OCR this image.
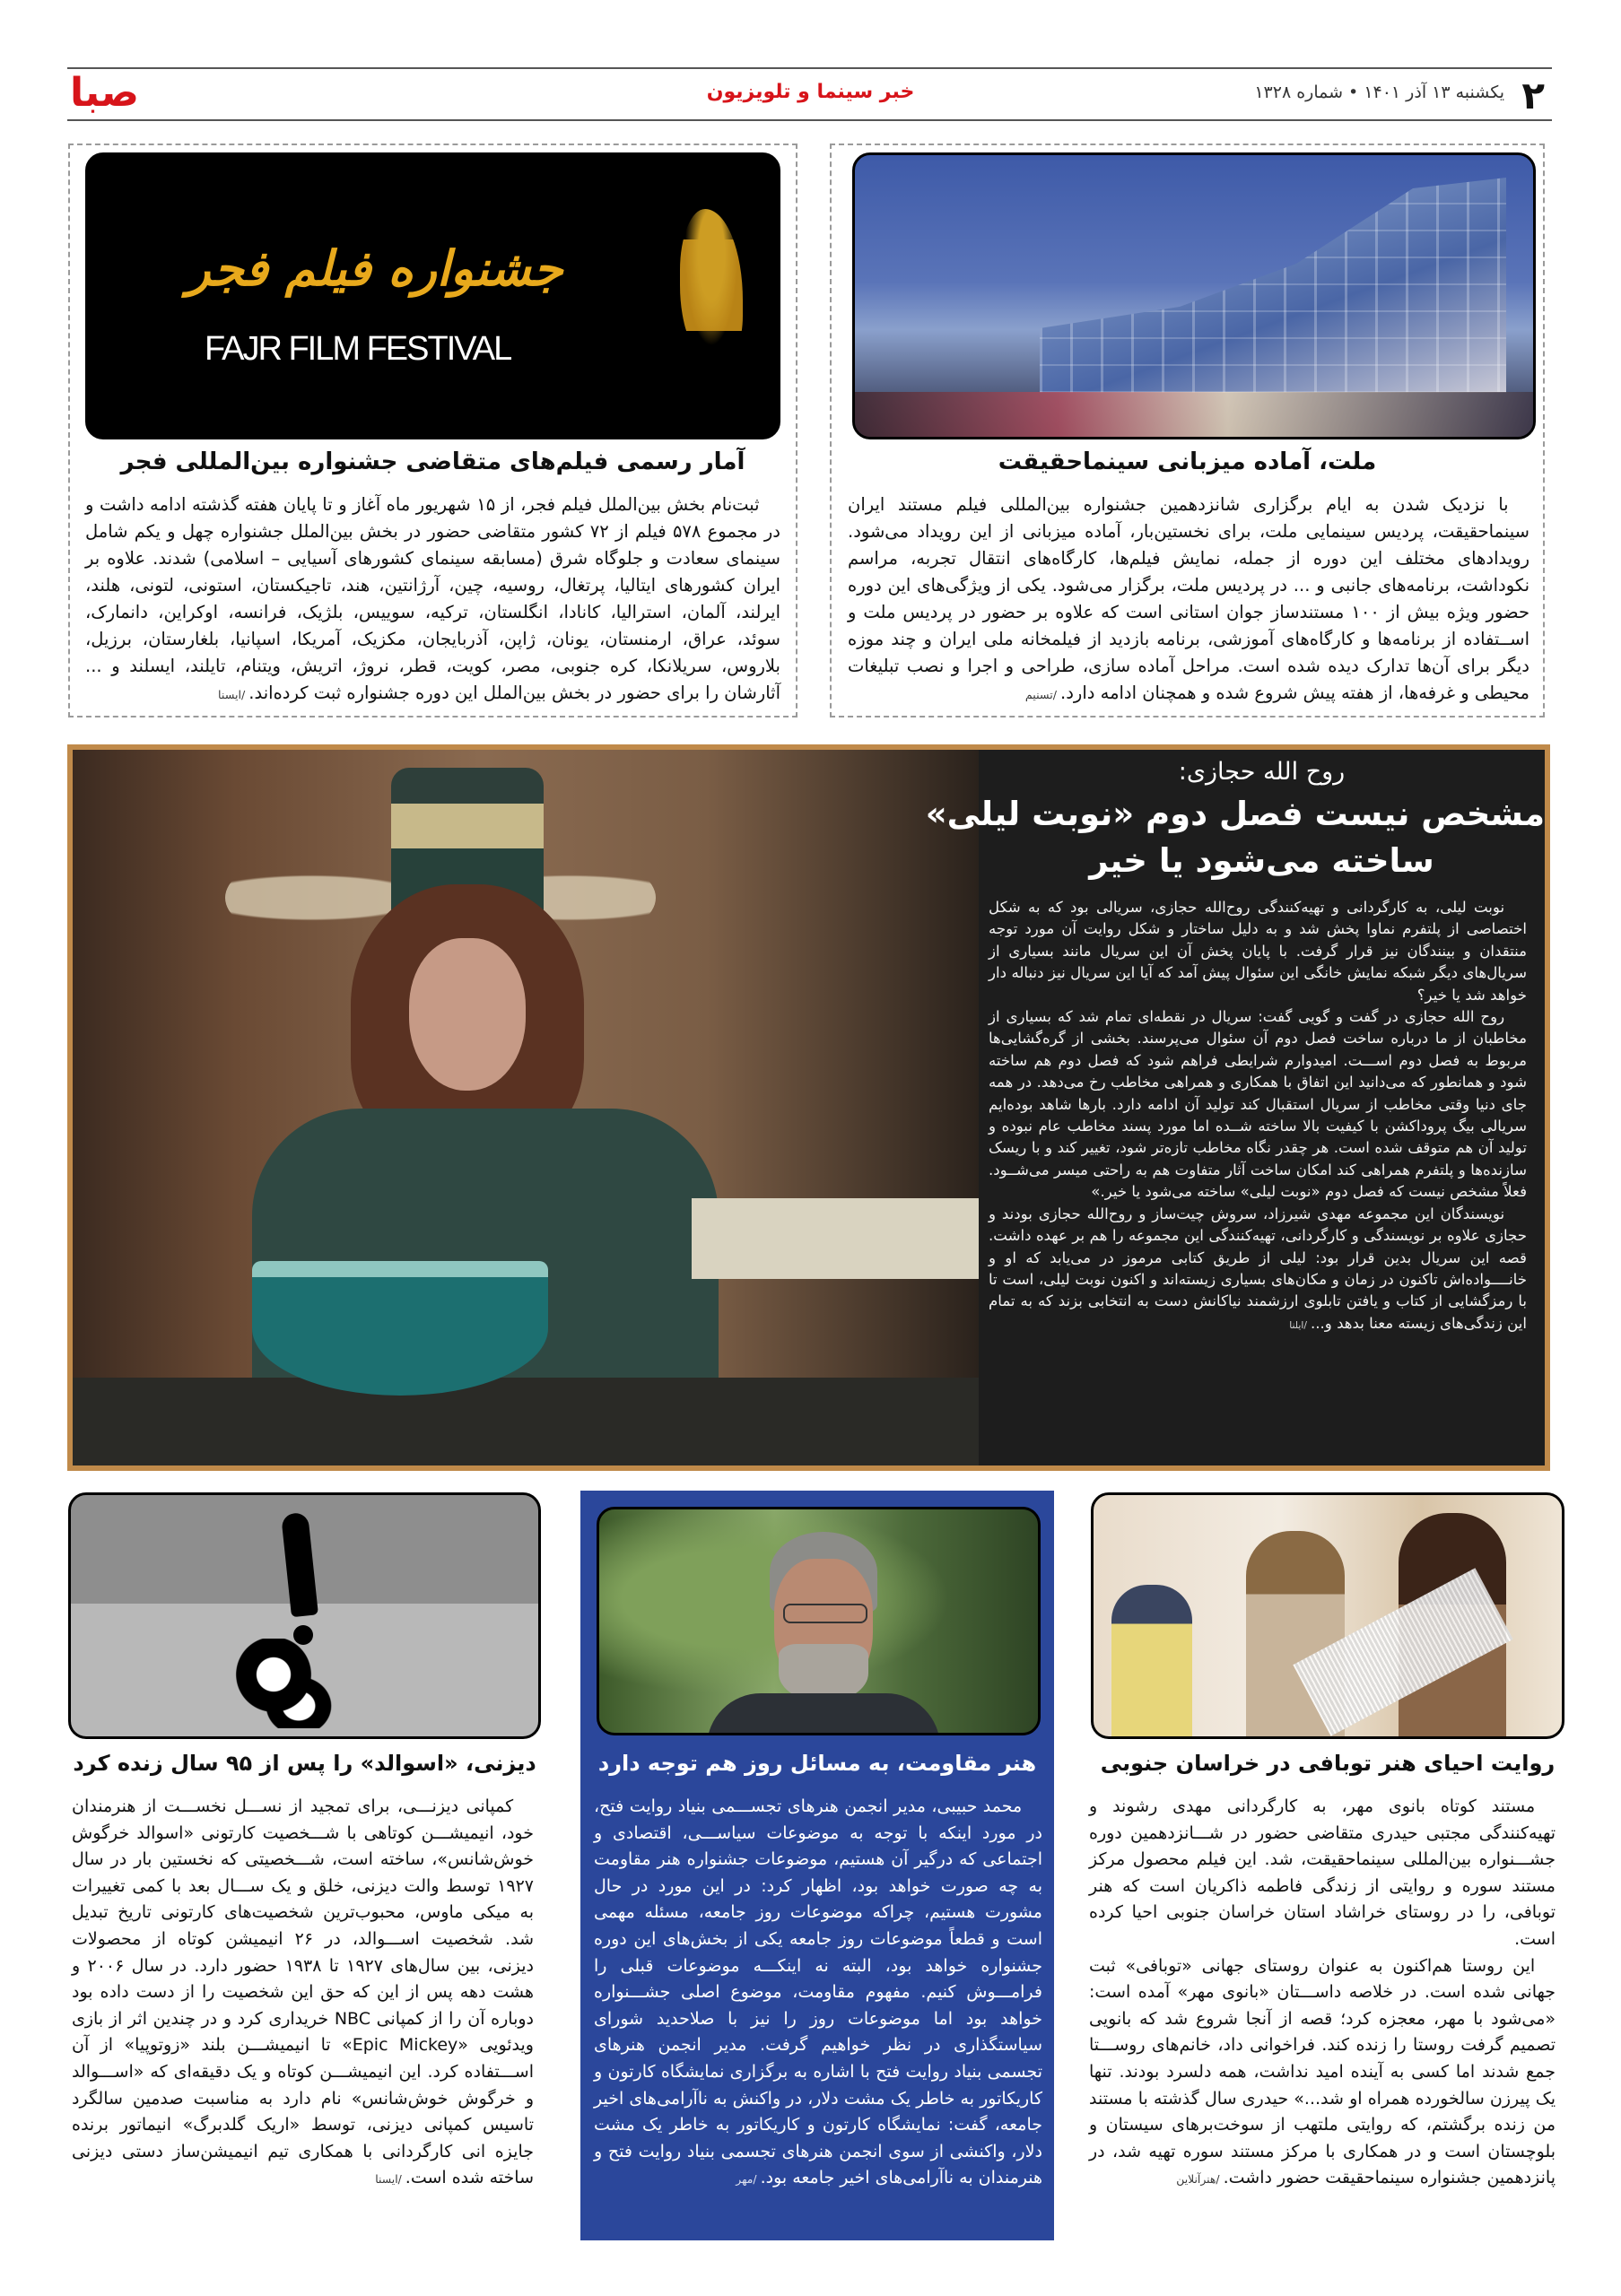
۲
یکشنبه ۱۳ آذر ۱۴۰۱ • شماره ۱۳۲۸
خبر سینما و تلویزیون
صبا
ملت، آماده میزبانی سینماحقیقت

با نزدیک شدن به ایام برگزاری شانزدهمین جشنواره بین‌المللی فیلم مستند ایران سینماحقیقت، پردیس سینمایی ملت، برای نخستین‌بار، آماده میزبانی از این رویداد می‌شود. رویدادهای مختلف این دوره از جمله، نمایش فیلم‌ها، کارگاه‌های انتقال تجربه، مراسم نکوداشت، برنامه‌های جانبی و ... در پردیس ملت، برگزار می‌شود. یکی از ویژگی‌های این دوره حضور ویژه بیش از ۱۰۰ مستندساز جوان استانی است که علاوه بر حضور در پردیس ملت و اســتفاده از برنامه‌ها و کارگاه‌های آموزشی، برنامه بازدید از فیلمخانه ملی ایران و چند موزه دیگر برای آن‌ها تدارک دیده شده است. مراحل آماده سازی، طراحی و اجرا و نصب تبلیغات محیطی و غرفه‌ها، از هفته پیش شروع شده و همچنان ادامه دارد./تسنیم

جشنواره فیلم فجر
FAJR FILM FESTIVAL
آمار رسمی فیلم‌های متقاضی جشنواره بین‌المللی فجر

ثبت‌نام بخش بین‌الملل فیلم فجر، از ۱۵ شهریور ماه آغاز و تا پایان هفته گذشته ادامه داشت و در مجموع ۵۷۸ فیلم از ۷۲ کشور متقاضی حضور در بخش بین‌الملل جشنواره چهل و یکم شامل سینمای سعادت و جلوگاه شرق (مسابقه سینمای کشورهای آسیایی – اسلامی) شدند. علاوه بر ایران کشورهای ایتالیا، پرتغال، روسیه، چین، آرژانتین، هند، تاجیکستان، استونی، لتونی، هلند، ایرلند، آلمان، استرالیا، کانادا، انگلستان، ترکیه، سوییس، بلژیک، فرانسه، اوکراین، دانمارک، سوئد، عراق، ارمنستان، یونان، ژاپن، آذربایجان، مکزیک، آمریکا، اسپانیا، بلغارستان، برزیل، بلاروس، سریلانکا، کره جنوبی، مصر، کویت، قطر، نروژ، اتریش، ویتنام، تایلند، ایسلند و ... آثارشان را برای حضور در بخش بین‌الملل این دوره جشنواره ثبت کرده‌اند./ایسنا

روح الله حجازی:
مشخص نیست فصل دوم «نوبت لیلی»
ساخته می‌شود یا خیر

نوبت لیلی، به کارگردانی و تهیه‌کنندگی روح‌الله حجازی، سریالی بود که به شکل اختصاصی از پلتفرم نماوا پخش شد و به دلیل ساختار و شکل روایت آن مورد توجه منتقدان و بینندگان نیز قرار گرفت. با پایان پخش آن این سریال مانند بسیاری از سریال‌های دیگر شبکه نمایش خانگی این سئوال پیش آمد که آیا این سریال نیز دنباله دار خواهد شد یا خیر؟

روح الله حجازی در گفت و گویی گفت: سریال در نقطه‌ای تمام شد که بسیاری از مخاطبان از ما درباره ساخت فصل دوم آن سئوال می‌پرسند. بخشی از گره‌گشایی‌ها مربوط به فصل دوم اســـت. امیدوارم شرایطی فراهم شود که فصل دوم هم ساخته شود و همانطور که می‌دانید این اتفاق با همکاری و همراهی مخاطب رخ می‌دهد. در همه جای دنیا وقتی مخاطب از سریال استقبال کند تولید آن ادامه دارد. بارها شاهد بوده‌ایم سریالی بیگ پروداکشن با کیفیت بالا ساخته شــده اما مورد پسند مخاطب عام نبوده و تولید آن هم متوقف شده است. هر چقدر نگاه مخاطب تازه‌تر شود، تغییر کند و با ریسک سازنده‌ها و پلتفرم همراهی کند امکان ساخت آثار متفاوت هم به راحتی میسر می‌شــود. فعلاً مشخص نیست که فصل دوم «نوبت لیلی» ساخته می‌شود یا خیر.»

نویسندگان این مجموعه مهدی شیرزاد، سروش چیت‌ساز و روح‌الله حجازی بودند و حجازی علاوه بر نویسندگی و کارگردانی، تهیه‌کنندگی این مجموعه را هم بر عهده داشت. قصه این سریال بدین قرار بود: لیلی از طریق کتابی مرموز در می‌یابد که او و خانــــواده‌اش تاکنون در زمان و مکان‌های بسیاری زیسته‌اند و اکنون نوبت لیلی، است تا با رمزگشایی از کتاب و یافتن تابلوی ارزشمند نیاکانش دست به انتخابی بزند که به تمام این زندگی‌های زیسته معنا بدهد و.../ایلنا

روایت احیای هنر توبافی در خراسان جنوبی

مستند کوتاه بانوی مهر، به کارگردانی مهدی رشوند و تهیه‌کنندگی مجتبی حیدری متقاضی حضور در شـــانزدهمین دوره جشـــنواره بین‌المللی سینماحقیقت، شد. این فیلم محصول مرکز مستند سوره و روایتی از زندگی فاطمه ذاکریان است که هنر توبافی، را در روستای خراشاد استان خراسان جنوبی احیا کرده است.

این روستا هم‌اکنون به عنوان روستای جهانی «توبافی» ثبت جهانی شده است. در خلاصه داســـتان «بانوی مهر» آمده است: «می‌شود با مهر، معجزه کرد؛ قصه از آنجا شروع شد که بانویی تصمیم گرفت روستا را زنده کند. فراخوانی داد، خانم‌های روســـتا جمع شدند اما کسی به آینده امید نداشت، همه دلسرد بودند. تنها یک پیرزن سالخورده همراه او شد...» حیدری سال گذشته با مستند من زنده برگشتم، که روایتی ملتهب از سوخت‌برهای سیستان و بلوچستان است و در همکاری با مرکز مستند سوره تهیه شد، در پانزدهمین جشنواره سینماحقیقت حضور داشت./هنرآنلاین

هنر مقاومت، به مسائل روز هم توجه دارد

محمد حبیبی، مدیر انجمن هنرهای تجســـمی بنیاد روایت فتح، در مورد اینکه با توجه به موضوعات سیاســـی، اقتصادی و اجتماعی که درگیر آن هستیم، موضوعات جشنواره هنر مقاومت به چه صورت خواهد بود، اظهار کرد: در این مورد در حال مشورت هستیم، چراکه موضوعات روز جامعه، مسئله مهمی است و قطعاً موضوعات روز جامعه یکی از بخش‌های این دوره جشنواره خواهد بود، البته نه اینکـــه موضوعات قبلی را فرامـــوش کنیم. مفهوم مقاومت، موضوع اصلی جشـــنواره خواهد بود اما موضوعات روز را نیز با صلاحدید شورای سیاستگذاری در نظر خواهیم گرفت. مدیر انجمن هنرهای تجسمی بنیاد روایت فتح با اشاره به برگزاری نمایشگاه کارتون و کاریکاتور به خاطر یک مشت دلار، در واکنش به ناآرامی‌های اخیر جامعه، گفت: نمایشگاه کارتون و کاریکاتور به خاطر یک مشت دلار، واکنشی از سوی انجمن هنرهای تجسمی بنیاد روایت فتح و هنرمندان به ناآرامی‌های اخیر جامعه بود./مهر

دیزنی، «اسوالد» را پس از ۹۵ سال زنده کرد

کمپانی دیزنـــی، برای تمجید از نســـل نخســـت از هنرمندان خود، انیمیشـــن کوتاهی با شـــخصیت کارتونی «اسوالد خرگوش خوش‌شانس»، ساخته است، شـــخصیتی که نخستین بار در سال ۱۹۲۷ توسط والت دیزنی، خلق و یک ســـال بعد با کمی تغییرات به میکی ماوس، محبوب‌ترین شخصیت‌های کارتونی تاریخ تبدیل شد. شخصیت اســـوالد، در ۲۶ انیمیشن کوتاه از محصولات دیزنی، بین سال‌های ۱۹۲۷ تا ۱۹۳۸ حضور دارد. در سال ۲۰۰۶ و هشت دهه پس از این که حق این شخصیت را از دست داده بود دوباره آن را از کمپانی NBC خریداری کرد و در چندین اثر از بازی ویدئویی «Epic Mickey» تا انیمیشـــن بلند «زوتوپیا» از آن اســـتفاده کرد. این انیمیشـــن کوتاه و یک دقیقه‌ای که «اســـوالد و خرگوش خوش‌شانس» نام دارد به مناسبت صدمین سالگرد تاسیس کمپانی دیزنی، توسط «اریک گلدبرگ» انیماتور برنده جایزه انی کارگردانی با همکاری تیم انیمیشن‌ساز دستی دیزنی ساخته شده است./ایسنا
